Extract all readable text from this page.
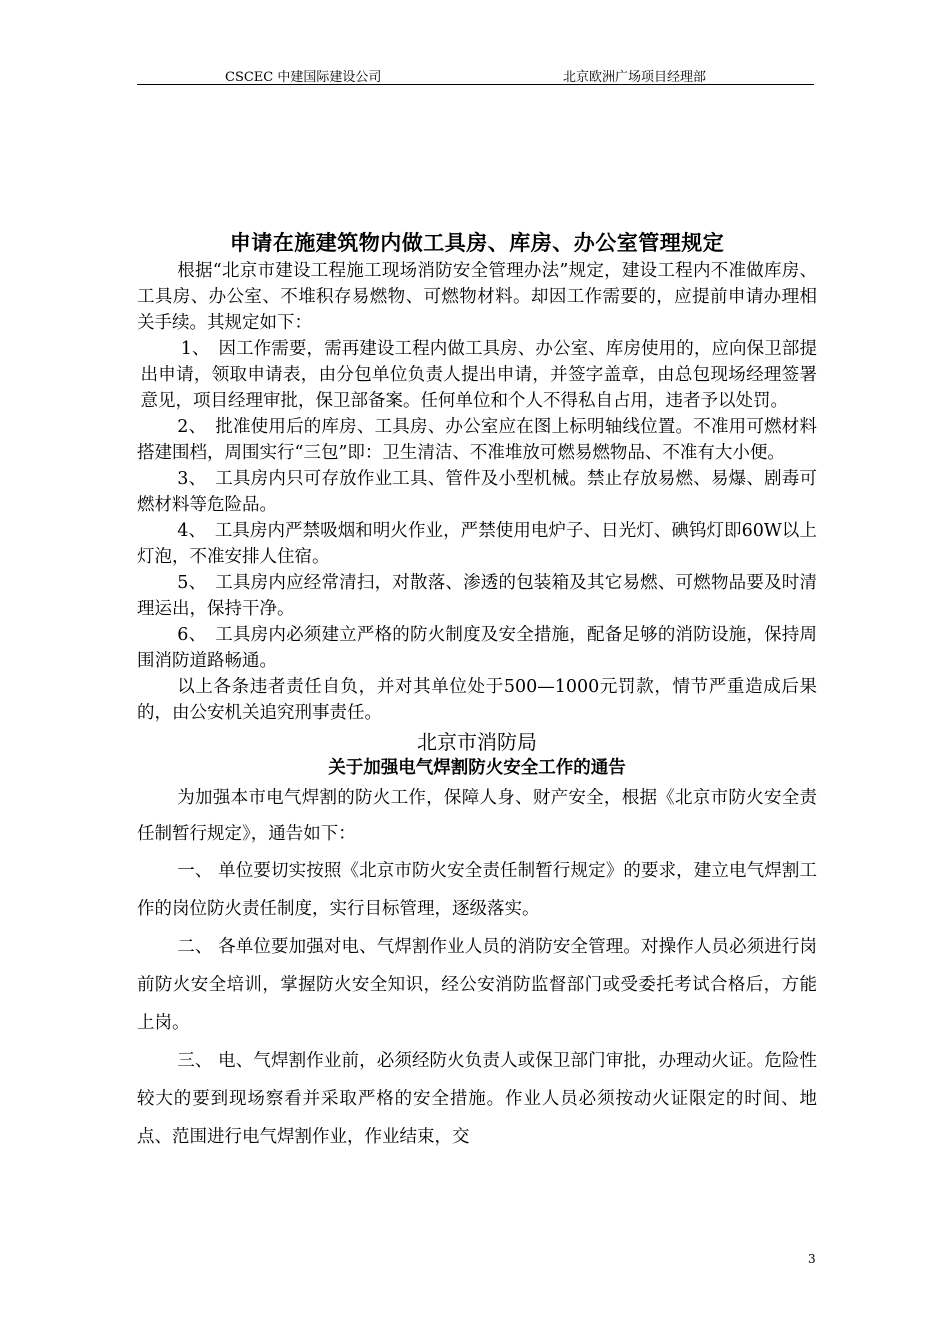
CSCEC 中建国际建设公司	北京欧洲广场项目经理部
申请在施建筑物内做工具房、库房、办公室管理规定

根据“北京市建设工程施工现场消防安全管理办法”规定，建设工程内不准做库房、工具房、办公室、不堆积存易燃物、可燃物材料。却因工作需要的，应提前申请办理相关手续。其规定如下：

1、　因工作需要，需再建设工程内做工具房、办公室、库房使用的，应向保卫部提出申请，领取申请表，由分包单位负责人提出申请，并签字盖章，由总包现场经理签署意见，项目经理审批，保卫部备案。任何单位和个人不得私自占用，违者予以处罚。

2、　批准使用后的库房、工具房、办公室应在图上标明轴线位置。不准用可燃材料搭建围档，周围实行“三包”即：卫生清洁、不准堆放可燃易燃物品、不准有大小便。

3、　工具房内只可存放作业工具、管件及小型机械。禁止存放易燃、易爆、剧毒可燃材料等危险品。

4、　工具房内严禁吸烟和明火作业，严禁使用电炉子、日光灯、碘钨灯即60W以上灯泡，不准安排人住宿。

5、　工具房内应经常清扫，对散落、渗透的包装箱及其它易燃、可燃物品要及时清理运出，保持干净。

6、　工具房内必须建立严格的防火制度及安全措施，配备足够的消防设施，保持周围消防道路畅通。

以上各条违者责任自负，并对其单位处于500—1000元罚款，情节严重造成后果的，由公安机关追究刑事责任。

北京市消防局
关于加强电气焊割防火安全工作的通告

为加强本市电气焊割的防火工作，保障人身、财产安全，根据《北京市防火安全责任制暂行规定》，通告如下：

一、 单位要切实按照《北京市防火安全责任制暂行规定》的要求，建立电气焊割工作的岗位防火责任制度，实行目标管理，逐级落实。

二、 各单位要加强对电、气焊割作业人员的消防安全管理。对操作人员必须进行岗前防火安全培训，掌握防火安全知识，经公安消防监督部门或受委托考试合格后，方能上岗。

三、 电、气焊割作业前，必须经防火负责人或保卫部门审批，办理动火证。危险性较大的要到现场察看并采取严格的安全措施。作业人员必须按动火证限定的时间、地点、范围进行电气焊割作业，作业结束，交

3
